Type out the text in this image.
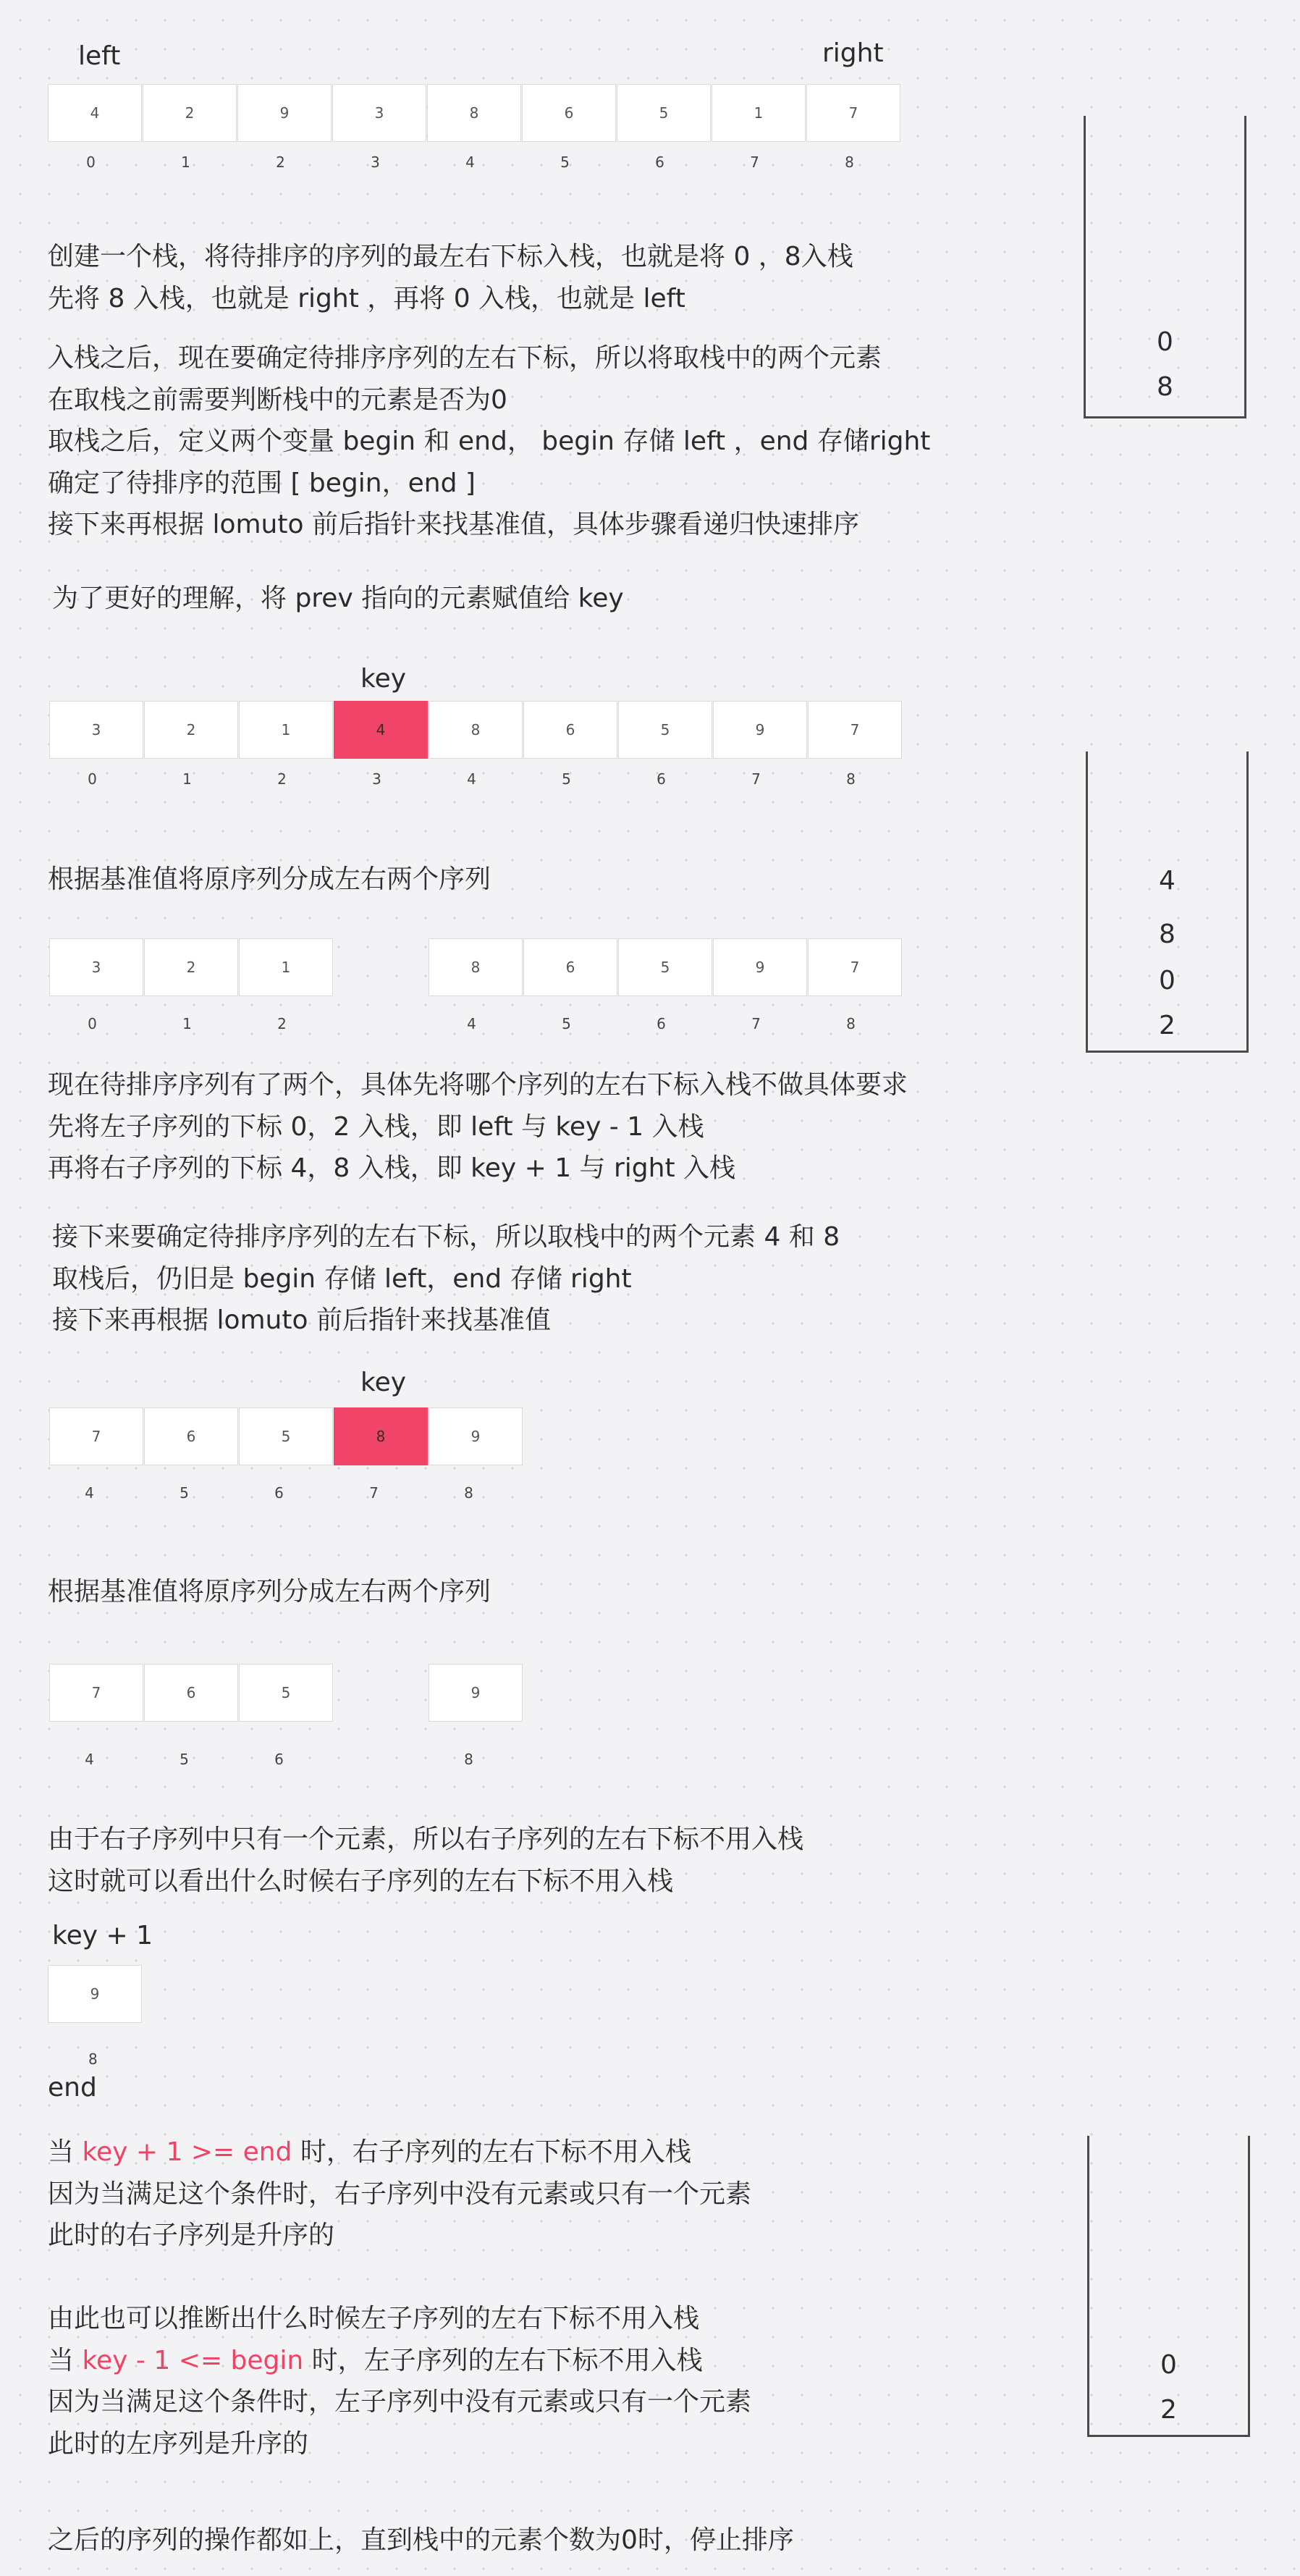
left	right
4	2	9	3	8	6	5	1	7
0	1	2	3	4	5	6	7	8
创建一个栈，将待排序的序列的最左右下标入栈，也就是将 0 ，8入栈
先将 8 入栈，也就是 right ，再将 0 入栈，也就是 left
入栈之后，现在要确定待排序序列的左右下标，所以将取栈中的两个元素
在取栈之前需要判断栈中的元素是否为0
取栈之后，定义两个变量 begin 和 end， begin 存储 left ，end 存储right
确定了待排序的范围 [ begin，end ]
接下来再根据 lomuto 前后指针来找基准值，具体步骤看递归快速排序
为了更好的理解，将 prev 指向的元素赋值给 key
0
8
key
3	2	1	4	8	6	5	9	7
0	1	2	3	4	5	6	7	8
根据基准值将原序列分成左右两个序列
3	2	1	8	6	5	9	7
0	1	2	4	5	6	7	8
4
8
0
2
现在待排序序列有了两个，具体先将哪个序列的左右下标入栈不做具体要求
先将左子序列的下标 0，2 入栈，即 left 与 key - 1 入栈
再将右子序列的下标 4，8 入栈，即 key + 1 与 right 入栈
接下来要确定待排序序列的左右下标，所以取栈中的两个元素 4 和 8
取栈后，仍旧是 begin 存储 left，end 存储 right
接下来再根据 lomuto 前后指针来找基准值
key
7	6	5	8	9
4	5	6	7	8
根据基准值将原序列分成左右两个序列
7	6	5	9
4	5	6	8
由于右子序列中只有一个元素，所以右子序列的左右下标不用入栈
这时就可以看出什么时候右子序列的左右下标不用入栈
key + 1
9
8
end
当 key + 1 >= end 时，右子序列的左右下标不用入栈
因为当满足这个条件时，右子序列中没有元素或只有一个元素
此时的右子序列是升序的
由此也可以推断出什么时候左子序列的左右下标不用入栈
当 key - 1 <= begin 时，左子序列的左右下标不用入栈
因为当满足这个条件时，左子序列中没有元素或只有一个元素
此时的左序列是升序的
之后的序列的操作都如上，直到栈中的元素个数为0时，停止排序
0
2
